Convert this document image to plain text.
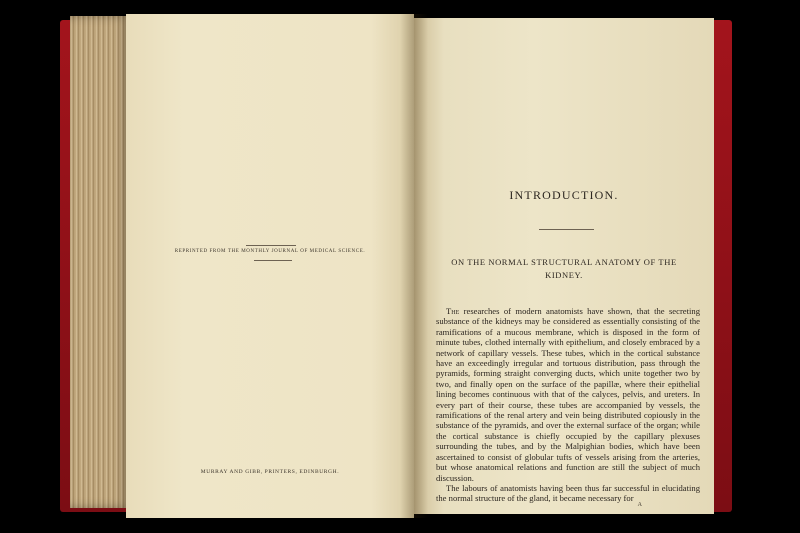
REPRINTED FROM THE MONTHLY JOURNAL OF MEDICAL SCIENCE.
MURRAY AND GIBB, PRINTERS, EDINBURGH.
INTRODUCTION.
ON THE NORMAL STRUCTURAL ANATOMY OF THE KIDNEY.

The researches of modern anatomists have shown, that the secreting substance of the kidneys may be considered as essentially consisting of the ramifications of a mucous membrane, which is disposed in the form of minute tubes, clothed internally with epithelium, and closely embraced by a network of capillary vessels. These tubes, which in the cortical substance have an exceedingly irregular and tortuous distribution, pass through the pyramids, forming straight converging ducts, which unite together two by two, and finally open on the surface of the papillæ, where their epithelial lining becomes continuous with that of the calyces, pelvis, and ureters. In every part of their course, these tubes are accompanied by vessels, the ramifications of the renal artery and vein being distributed copiously in the substance of the pyramids, and over the external surface of the organ; while the cortical substance is chiefly occupied by the capillary plexuses surrounding the tubes, and by the Malpighian bodies, which have been ascertained to consist of globular tufts of vessels arising from the arteries, but whose anatomical relations and function are still the subject of much discussion.

The labours of anatomists having been thus far successful in elucidating the normal structure of the gland, it became necessary for

A
